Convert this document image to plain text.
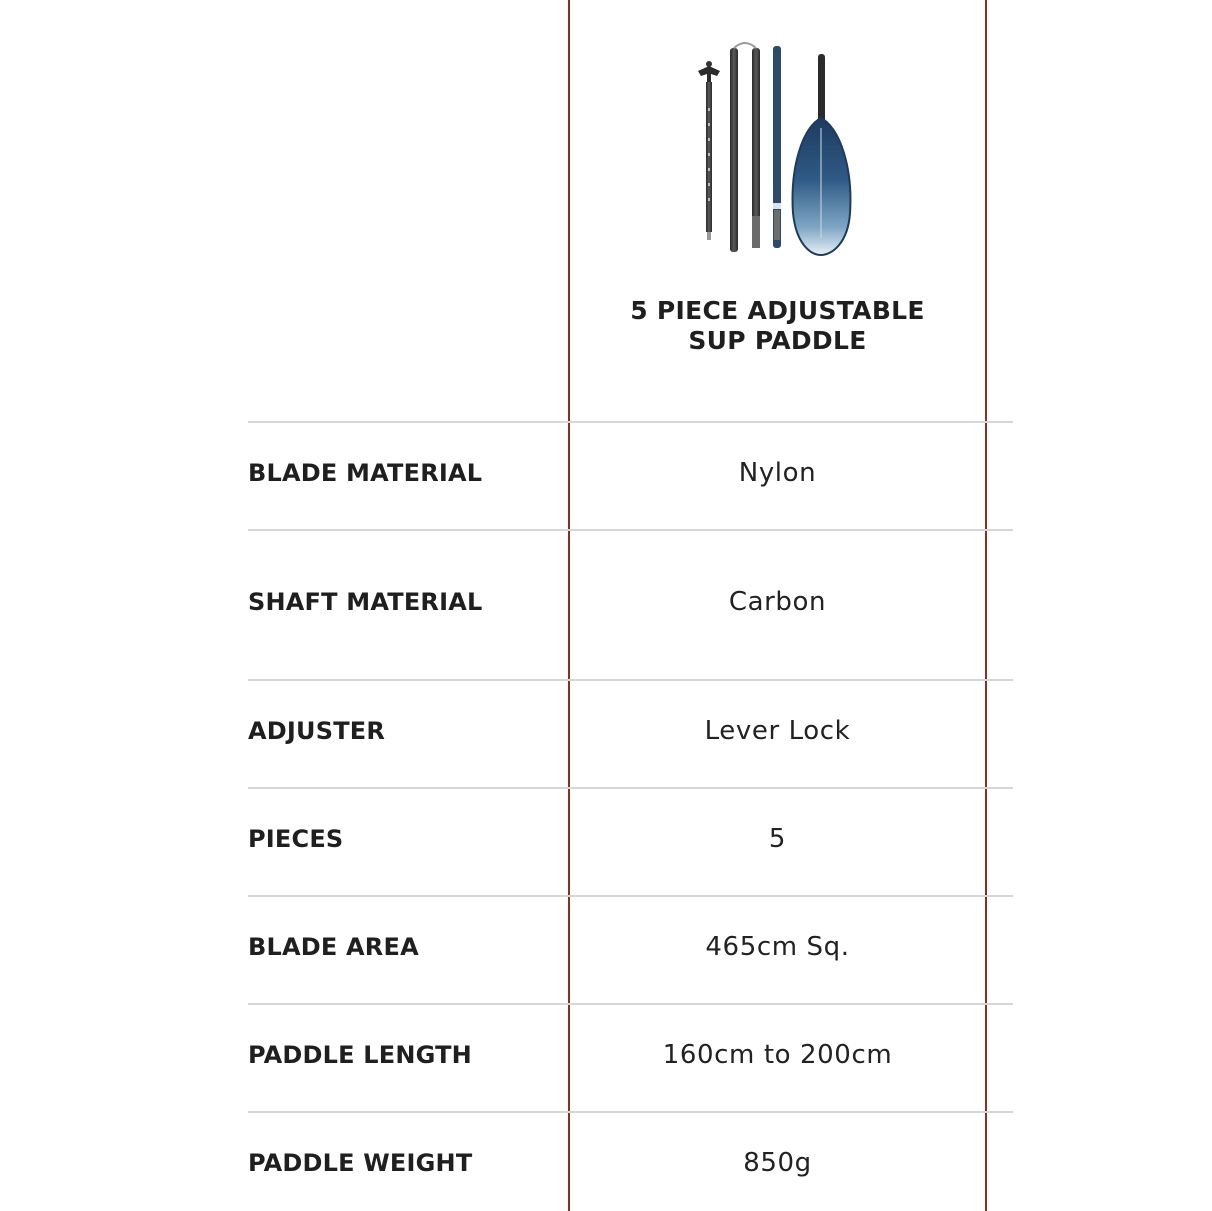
5 PIECE ADJUSTABLE
SUP PADDLE
BLADE MATERIAL	Nylon
SHAFT MATERIAL	Carbon
ADJUSTER	Lever Lock
PIECES	5
BLADE AREA	465cm Sq.
PADDLE LENGTH	160cm to 200cm
PADDLE WEIGHT	850g
